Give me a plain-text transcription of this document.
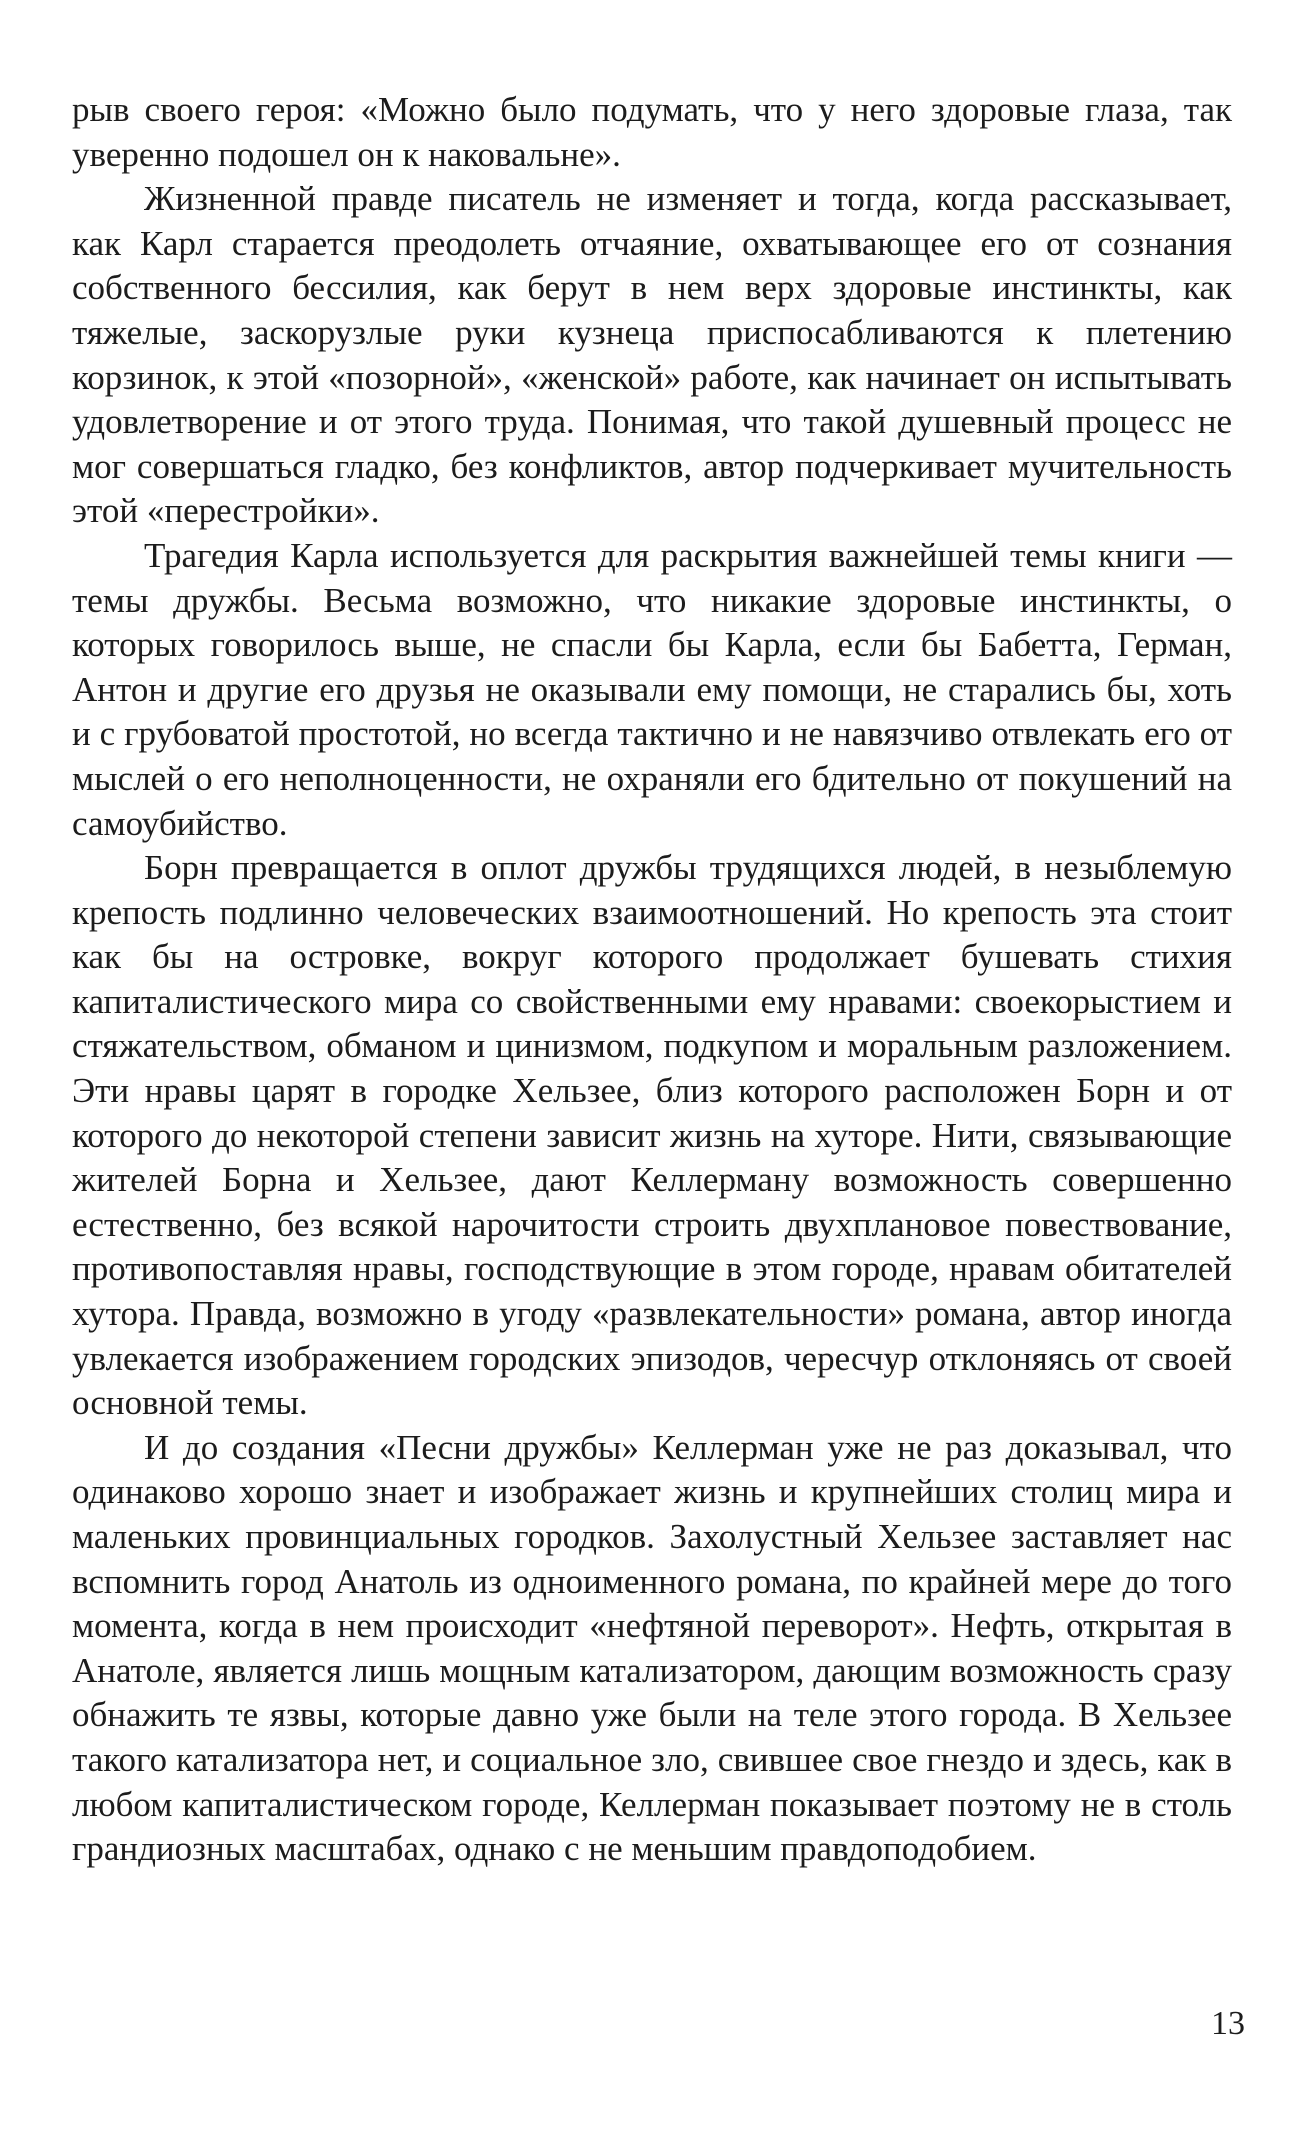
рыв своего героя: «Можно было подумать, что у него здоровые глаза, так уверенно подошел он к наковальне».

Жизненной правде писатель не изменяет и тогда, когда рассказывает, как Карл старается преодолеть отчаяние, охватывающее его от сознания собственного бессилия, как берут в нем верх здоровые инстинкты, как тяжелые, заскорузлые руки кузнеца приспосабливаются к плетению корзинок, к этой «позорной», «женской» работе, как начинает он испытывать удовлетворение и от этого труда. Понимая, что такой душевный процесс не мог совершаться гладко, без конфликтов, автор подчеркивает мучительность этой «перестройки».

Трагедия Карла используется для раскрытия важнейшей темы книги — темы дружбы. Весьма возможно, что никакие здоровые инстинкты, о которых говорилось выше, не спасли бы Карла, если бы Бабетта, Герман, Антон и другие его друзья не оказывали ему помощи, не старались бы, хоть и с грубоватой простотой, но всегда тактично и не навязчиво отвлекать его от мыслей о его неполноценности, не охраняли его бдительно от покушений на самоубийство.

Борн превращается в оплот дружбы трудящихся людей, в незыблемую крепость подлинно человеческих взаимоотношений. Но крепость эта стоит как бы на островке, вокруг которого продолжает бушевать стихия капиталистического мира со свойственными ему нравами: своекорыстием и стяжательством, обманом и цинизмом, подкупом и моральным разложением. Эти нравы царят в городке Хельзее, близ которого расположен Борн и от которого до некоторой степени зависит жизнь на хуторе. Нити, связывающие жителей Борна и Хельзее, дают Келлерману возможность совершенно естественно, без всякой нарочитости строить двухплановое повествование, противопоставляя нравы, господствующие в этом городе, нравам обитателей хутора. Правда, возможно в угоду «развлекательности» романа, автор иногда увлекается изображением городских эпизодов, чересчур отклоняясь от своей основной темы.

И до создания «Песни дружбы» Келлерман уже не раз доказывал, что одинаково хорошо знает и изображает жизнь и крупнейших столиц мира и маленьких провинциальных городков. Захолустный Хельзее заставляет нас вспомнить город Анатоль из одноименного романа, по крайней мере до того момента, когда в нем происходит «нефтяной переворот». Нефть, открытая в Анатоле, является лишь мощным катализатором, дающим возможность сразу обнажить те язвы, которые давно уже были на теле этого города. В Хельзее такого катализатора нет, и социальное зло, свившее свое гнездо и здесь, как в любом капиталистическом городе, Келлерман показывает поэтому не в столь грандиозных масштабах, однако с не меньшим правдоподобием.

13
